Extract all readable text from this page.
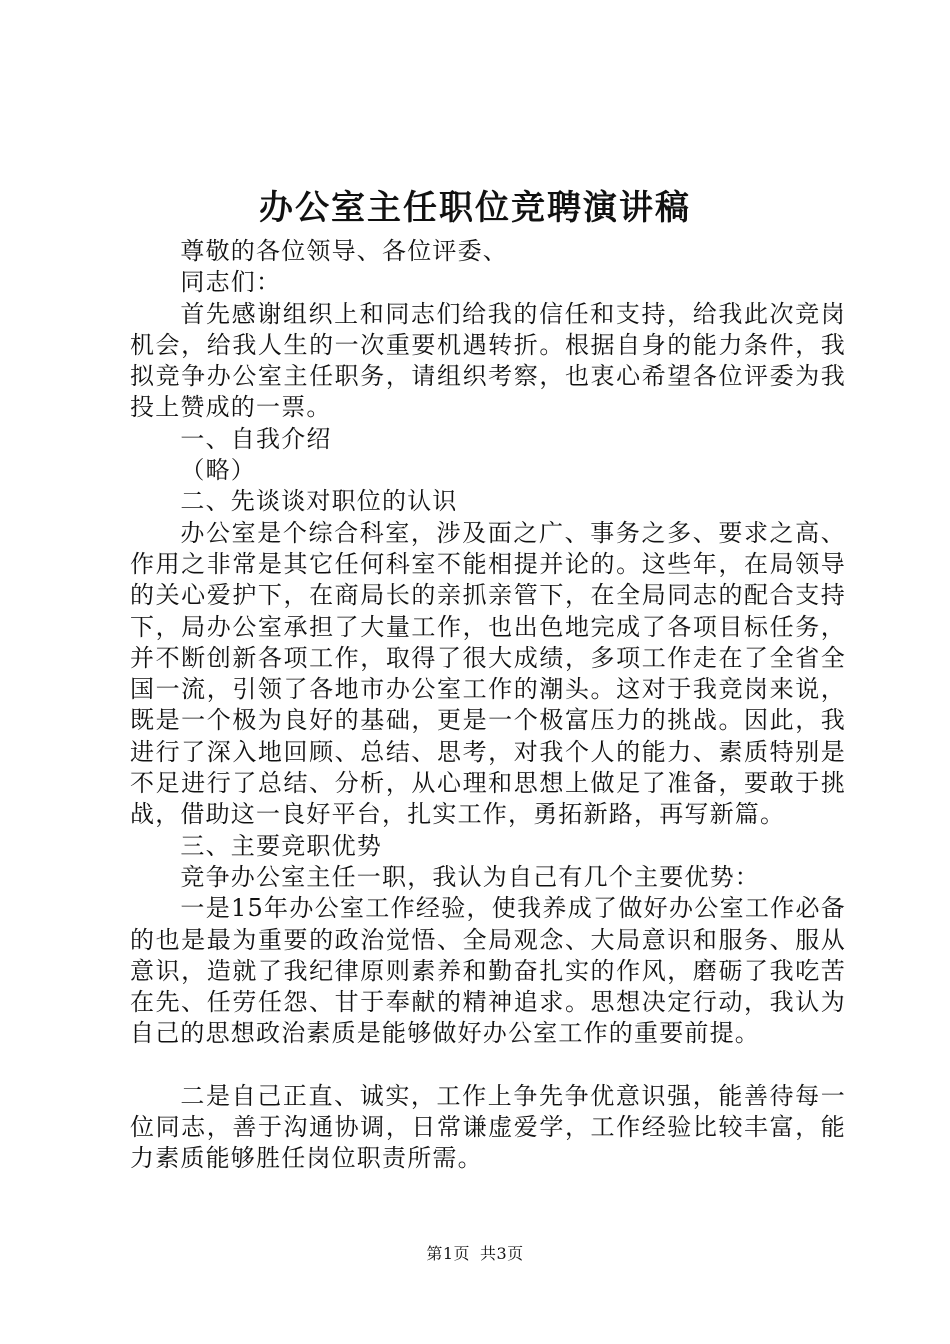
办公室主任职位竞聘演讲稿

尊敬的各位领导、各位评委、

同志们：

首先感谢组织上和同志们给我的信任和支持，给我此次竞岗机会，给我人生的一次重要机遇转折。根据自身的能力条件，我拟竞争办公室主任职务，请组织考察，也衷心希望各位评委为我投上赞成的一票。

一、自我介绍

（略）

二、先谈谈对职位的认识

办公室是个综合科室，涉及面之广、事务之多、要求之高、作用之非常是其它任何科室不能相提并论的。这些年，在局领导的关心爱护下，在商局长的亲抓亲管下，在全局同志的配合支持下，局办公室承担了大量工作，也出色地完成了各项目标任务，并不断创新各项工作，取得了很大成绩，多项工作走在了全省全国一流，引领了各地市办公室工作的潮头。这对于我竞岗来说，既是一个极为良好的基础，更是一个极富压力的挑战。因此，我进行了深入地回顾、总结、思考，对我个人的能力、素质特别是不足进行了总结、分析，从心理和思想上做足了准备，要敢于挑战，借助这一良好平台，扎实工作，勇拓新路，再写新篇。

三、主要竞职优势

竞争办公室主任一职，我认为自己有几个主要优势：

一是15年办公室工作经验，使我养成了做好办公室工作必备的也是最为重要的政治觉悟、全局观念、大局意识和服务、服从意识，造就了我纪律原则素养和勤奋扎实的作风，磨砺了我吃苦在先、任劳任怨、甘于奉献的精神追求。思想决定行动，我认为自己的思想政治素质是能够做好办公室工作的重要前提。

二是自己正直、诚实，工作上争先争优意识强，能善待每一位同志，善于沟通协调，日常谦虚爱学，工作经验比较丰富，能力素质能够胜任岗位职责所需。

第1页 共3页
